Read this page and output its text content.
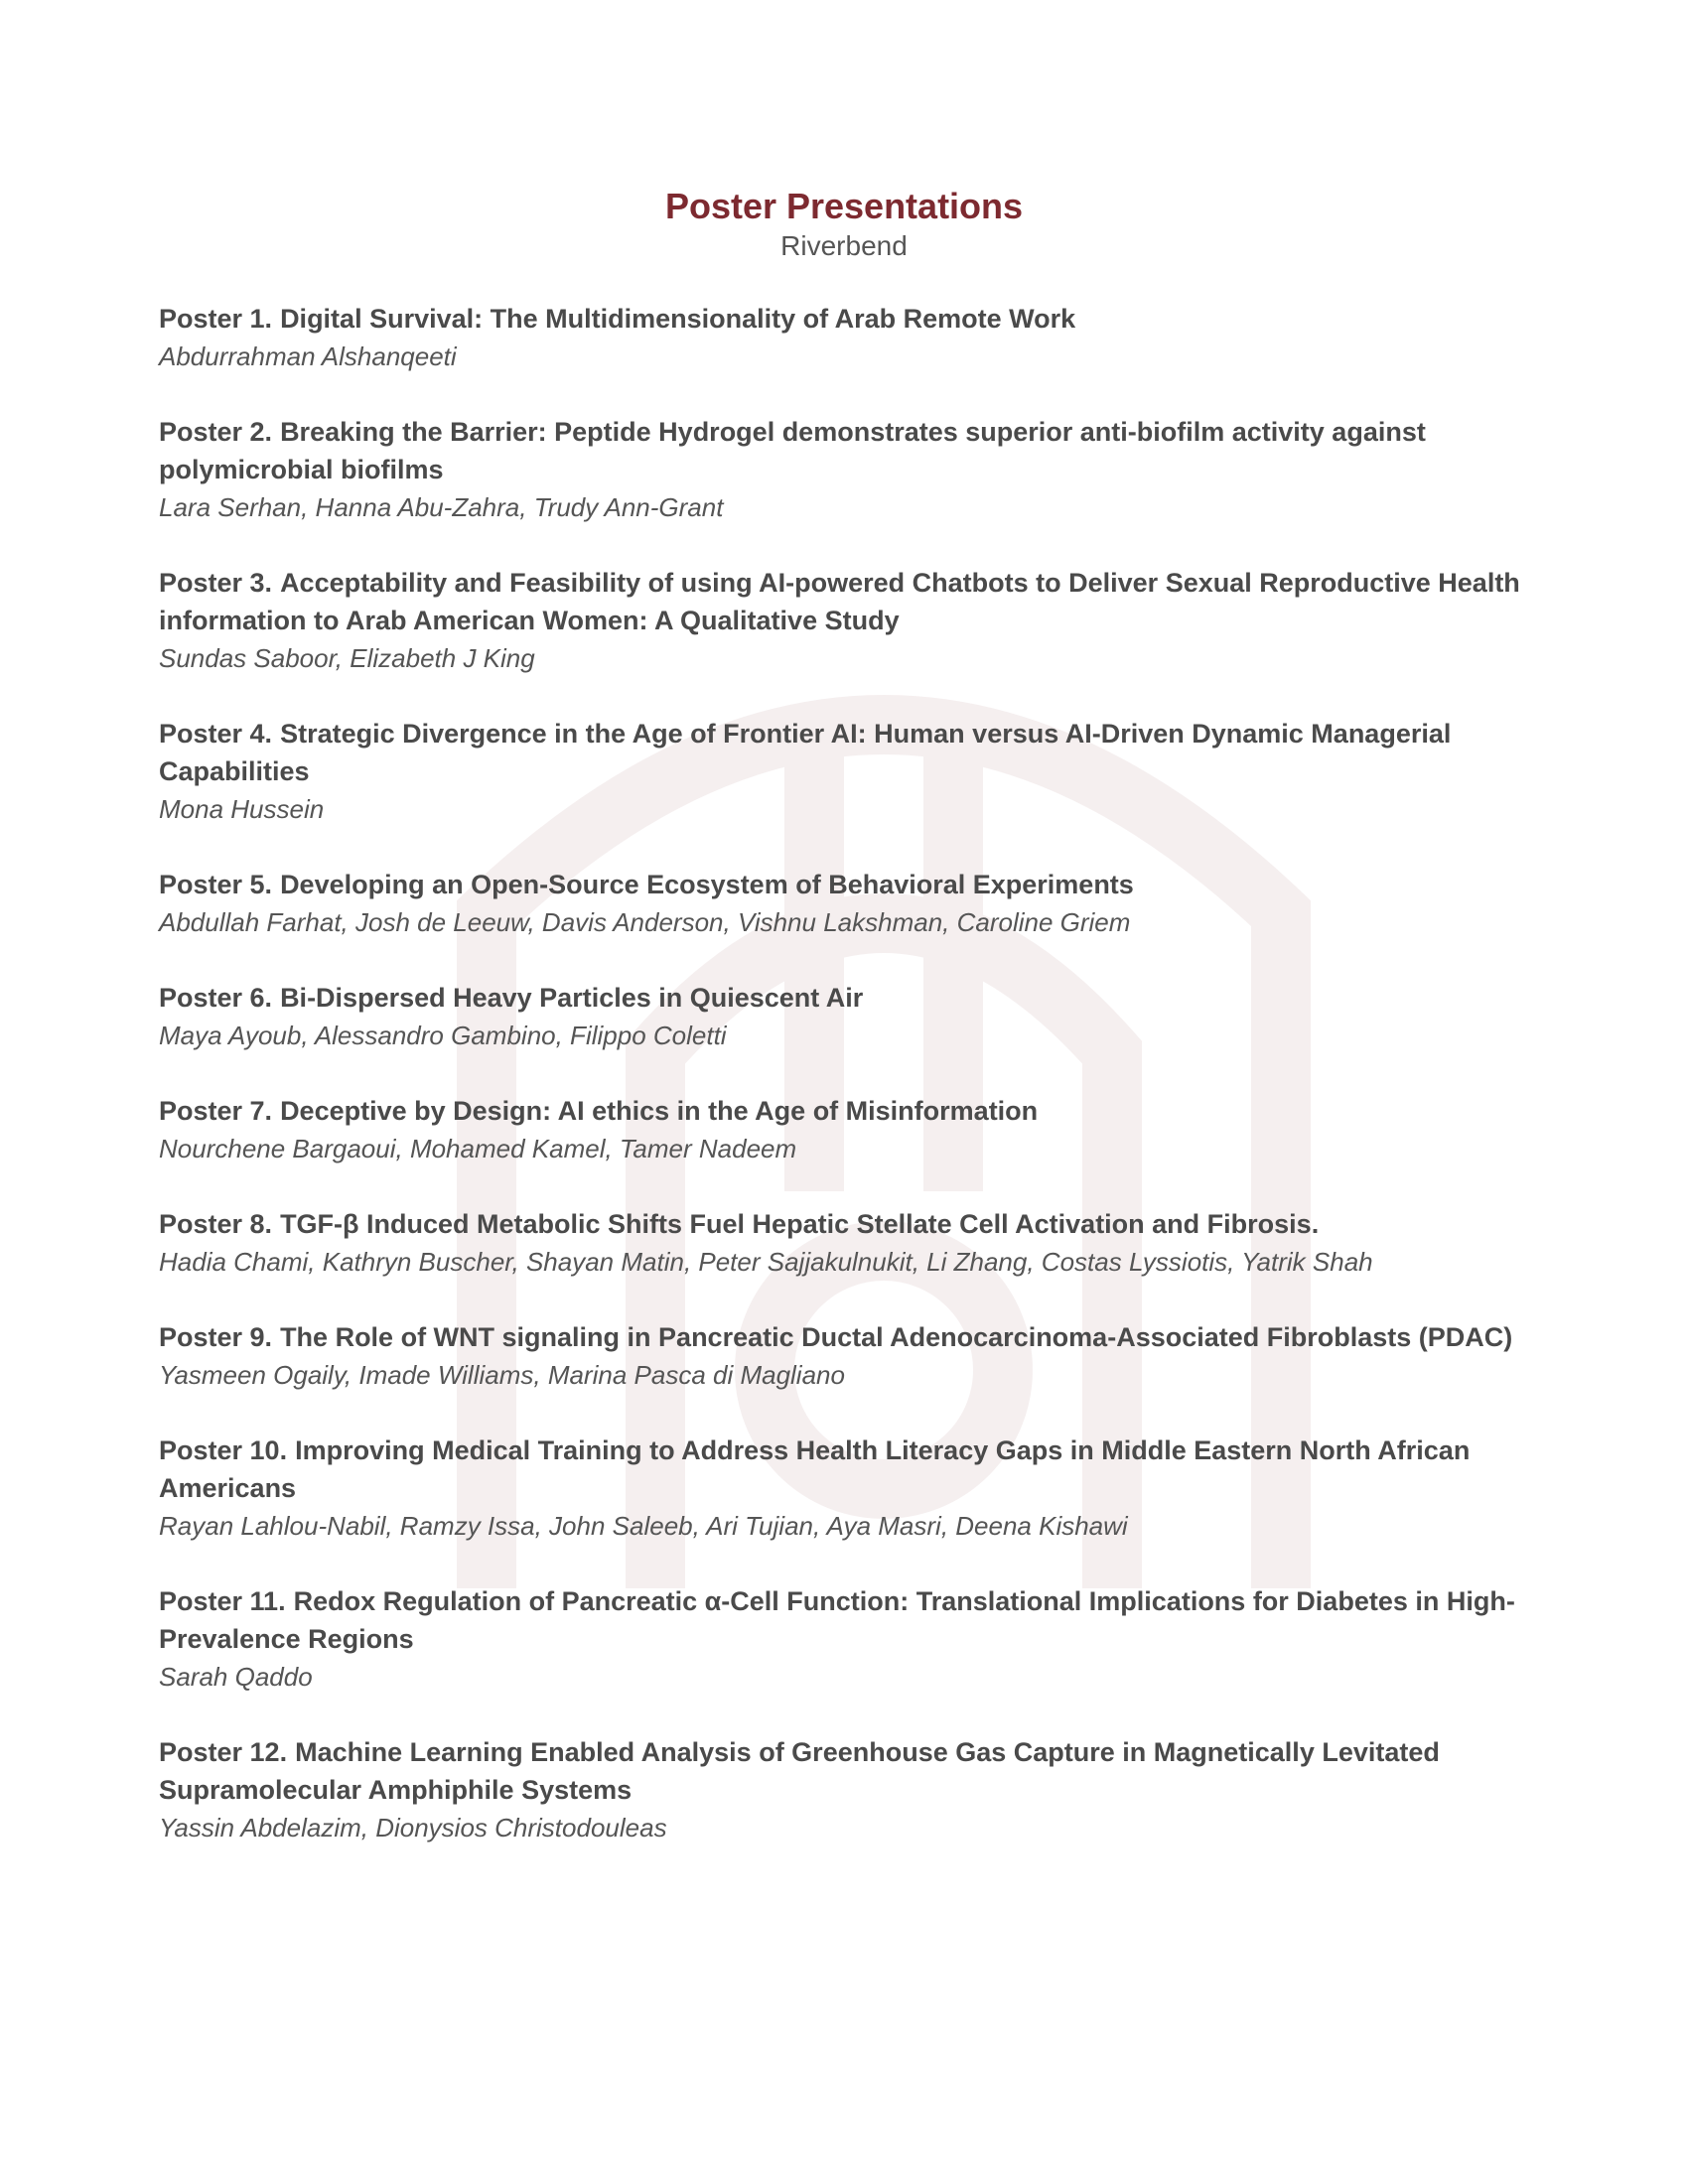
Poster Presentations
Riverbend
Poster 1. Digital Survival: The Multidimensionality of Arab Remote Work
Abdurrahman Alshanqeeti
Poster 2. Breaking the Barrier: Peptide Hydrogel demonstrates superior anti-biofilm activity against polymicrobial biofilms
Lara Serhan, Hanna Abu-Zahra, Trudy Ann-Grant
Poster 3. Acceptability and Feasibility of using AI-powered Chatbots to Deliver Sexual Reproductive Health information to Arab American Women: A Qualitative Study
Sundas Saboor, Elizabeth J King
Poster 4. Strategic Divergence in the Age of Frontier AI: Human versus AI-Driven Dynamic Managerial Capabilities
Mona Hussein
Poster 5. Developing an Open-Source Ecosystem of Behavioral Experiments
Abdullah Farhat, Josh de Leeuw, Davis Anderson, Vishnu Lakshman, Caroline Griem
Poster 6. Bi-Dispersed Heavy Particles in Quiescent Air
Maya Ayoub, Alessandro Gambino, Filippo Coletti
Poster 7. Deceptive by Design: AI ethics in the Age of Misinformation
Nourchene Bargaoui, Mohamed Kamel, Tamer Nadeem
Poster 8. TGF-β Induced Metabolic Shifts Fuel Hepatic Stellate Cell Activation and Fibrosis.
Hadia Chami, Kathryn Buscher, Shayan Matin, Peter Sajjakulnukit, Li Zhang, Costas Lyssiotis, Yatrik Shah
Poster 9. The Role of WNT signaling in Pancreatic Ductal Adenocarcinoma-Associated Fibroblasts (PDAC)
Yasmeen Ogaily, Imade Williams, Marina Pasca di Magliano
Poster 10. Improving Medical Training to Address Health Literacy Gaps in Middle Eastern North African Americans
Rayan Lahlou-Nabil, Ramzy Issa, John Saleeb, Ari Tujian, Aya Masri, Deena Kishawi
Poster 11. Redox Regulation of Pancreatic α-Cell Function: Translational Implications for Diabetes in High-Prevalence Regions
Sarah Qaddo
Poster 12. Machine Learning Enabled Analysis of Greenhouse Gas Capture in Magnetically Levitated Supramolecular Amphiphile Systems
Yassin Abdelazim, Dionysios Christodouleas
